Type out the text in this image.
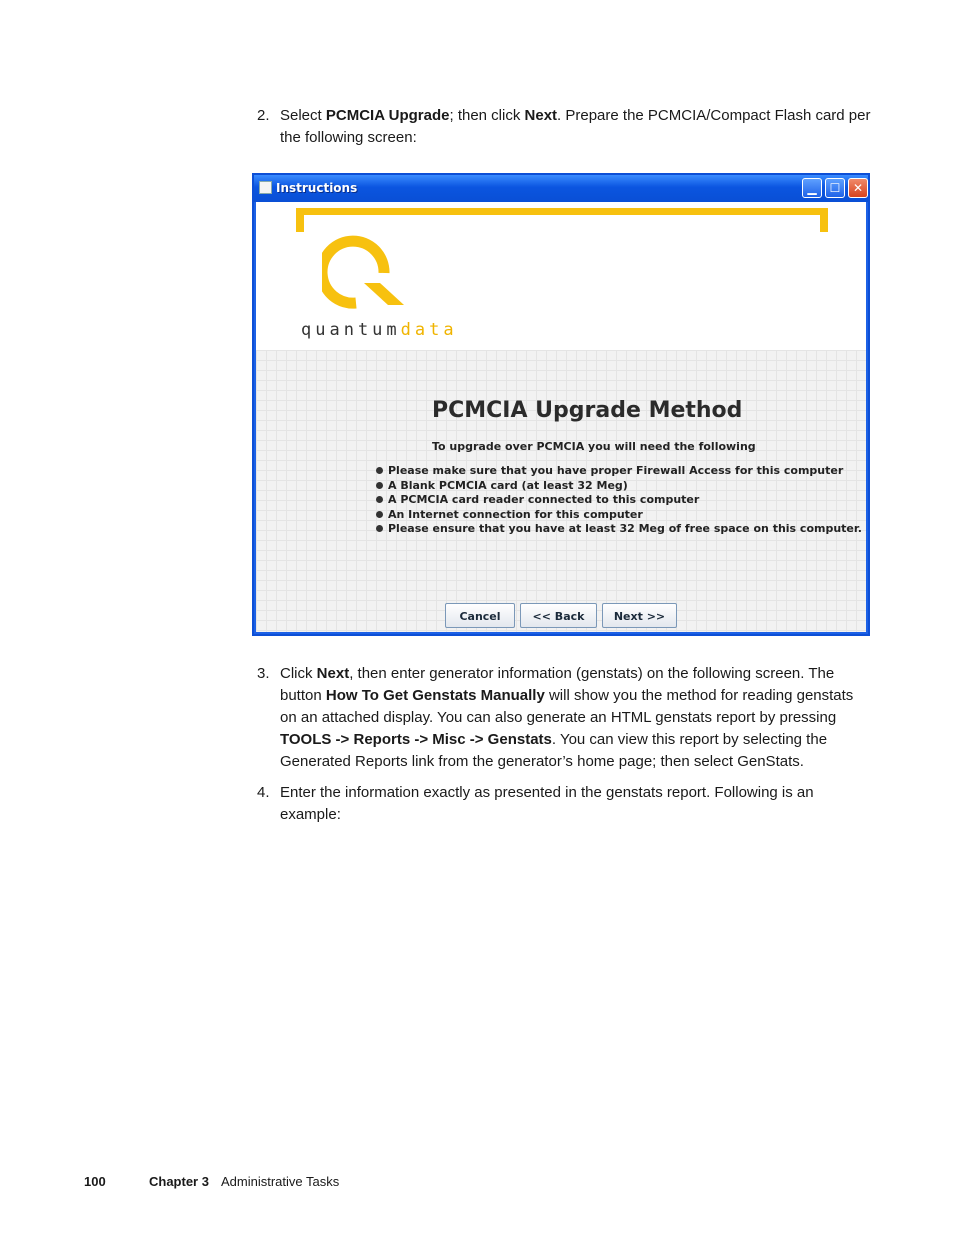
2. Select PCMCIA Upgrade; then click Next. Prepare the PCMCIA/Compact Flash card per the following screen:
Instructions	▁	☐	✕
quantumdata
PCMCIA Upgrade Method
To upgrade over PCMCIA you will need the following
Please make sure that you have proper Firewall Access for this computer
A Blank PCMCIA card (at least 32 Meg)
A PCMCIA card reader connected to this computer
An Internet connection for this computer
Please ensure that you have at least 32 Meg of free space on this computer.
Cancel	<< Back	Next >>
3. Click Next, then enter generator information (genstats) on the following screen. The button How To Get Genstats Manually will show you the method for reading genstats on an attached display. You can also generate an HTML genstats report by pressing TOOLS -> Reports -> Misc -> Genstats. You can view this report by selecting the Generated Reports link from the generator’s home page; then select GenStats.
4. Enter the information exactly as presented in the genstats report. Following is an example:
100	Chapter 3 Administrative Tasks
